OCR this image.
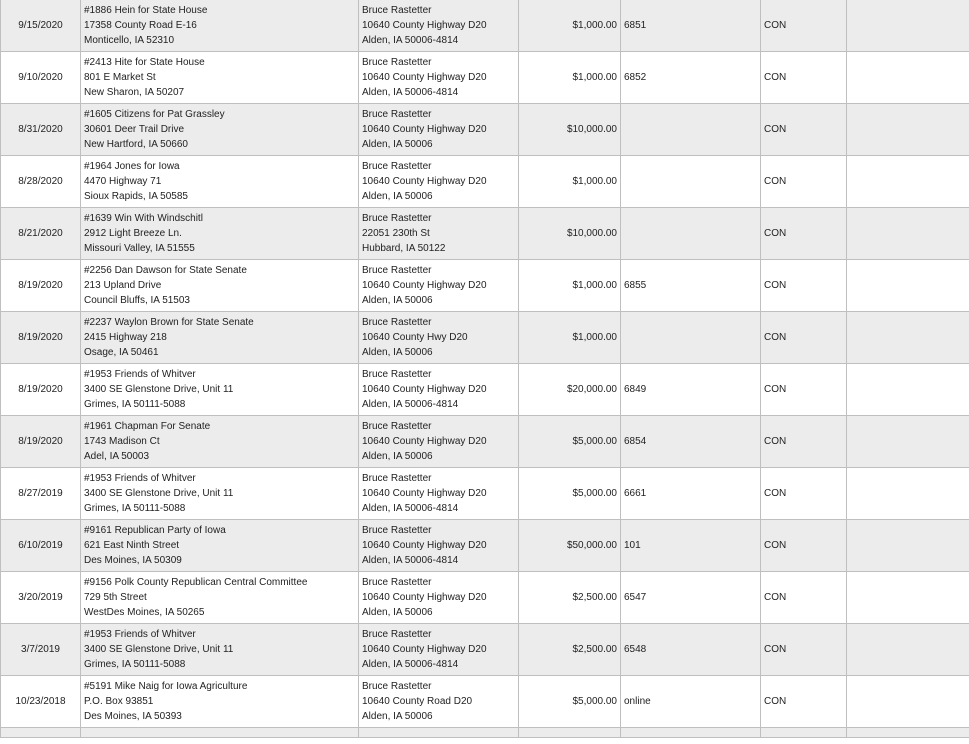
9/15/2020	#1886 Hein for State House
17358 County Road E-16
Monticello, IA 52310	Bruce Rastetter
10640 County Highway D20
Alden, IA 50006-4814	$1,000.00	6851	CON	
9/10/2020	#2413 Hite for State House
801 E Market St
New Sharon, IA 50207	Bruce Rastetter
10640 County Highway D20
Alden, IA 50006-4814	$1,000.00	6852	CON	
8/31/2020	#1605 Citizens for Pat Grassley
30601 Deer Trail Drive
New Hartford, IA 50660	Bruce Rastetter
10640 County Highway D20
Alden, IA 50006	$10,000.00		CON	
8/28/2020	#1964 Jones for Iowa
4470 Highway 71
Sioux Rapids, IA 50585	Bruce Rastetter
10640 County Highway D20
Alden, IA 50006	$1,000.00		CON	
8/21/2020	#1639 Win With Windschitl
2912 Light Breeze Ln.
Missouri Valley, IA 51555	Bruce Rastetter
22051 230th St
Hubbard, IA 50122	$10,000.00		CON	
8/19/2020	#2256 Dan Dawson for State Senate
213 Upland Drive
Council Bluffs, IA 51503	Bruce Rastetter
10640 County Highway D20
Alden, IA 50006	$1,000.00	6855	CON	
8/19/2020	#2237 Waylon Brown for State Senate
2415 Highway 218
Osage, IA 50461	Bruce Rastetter
10640 County Hwy D20
Alden, IA 50006	$1,000.00		CON	
8/19/2020	#1953 Friends of Whitver
3400 SE Glenstone Drive, Unit 11
Grimes, IA 50111-5088	Bruce Rastetter
10640 County Highway D20
Alden, IA 50006-4814	$20,000.00	6849	CON	
8/19/2020	#1961 Chapman For Senate
1743 Madison Ct
Adel, IA 50003	Bruce Rastetter
10640 County Highway D20
Alden, IA 50006	$5,000.00	6854	CON	
8/27/2019	#1953 Friends of Whitver
3400 SE Glenstone Drive, Unit 11
Grimes, IA 50111-5088	Bruce Rastetter
10640 County Highway D20
Alden, IA 50006-4814	$5,000.00	6661	CON	
6/10/2019	#9161 Republican Party of Iowa
621 East Ninth Street
Des Moines, IA 50309	Bruce Rastetter
10640 County Highway D20
Alden, IA 50006-4814	$50,000.00	101	CON	
3/20/2019	#9156 Polk County Republican Central Committee
729 5th Street
WestDes Moines, IA 50265	Bruce Rastetter
10640 County Highway D20
Alden, IA 50006	$2,500.00	6547	CON	
3/7/2019	#1953 Friends of Whitver
3400 SE Glenstone Drive, Unit 11
Grimes, IA 50111-5088	Bruce Rastetter
10640 County Highway D20
Alden, IA 50006-4814	$2,500.00	6548	CON	
10/23/2018	#5191 Mike Naig for Iowa Agriculture
P.O. Box 93851
Des Moines, IA 50393	Bruce Rastetter
10640 County Road D20
Alden, IA 50006	$5,000.00	online	CON	
